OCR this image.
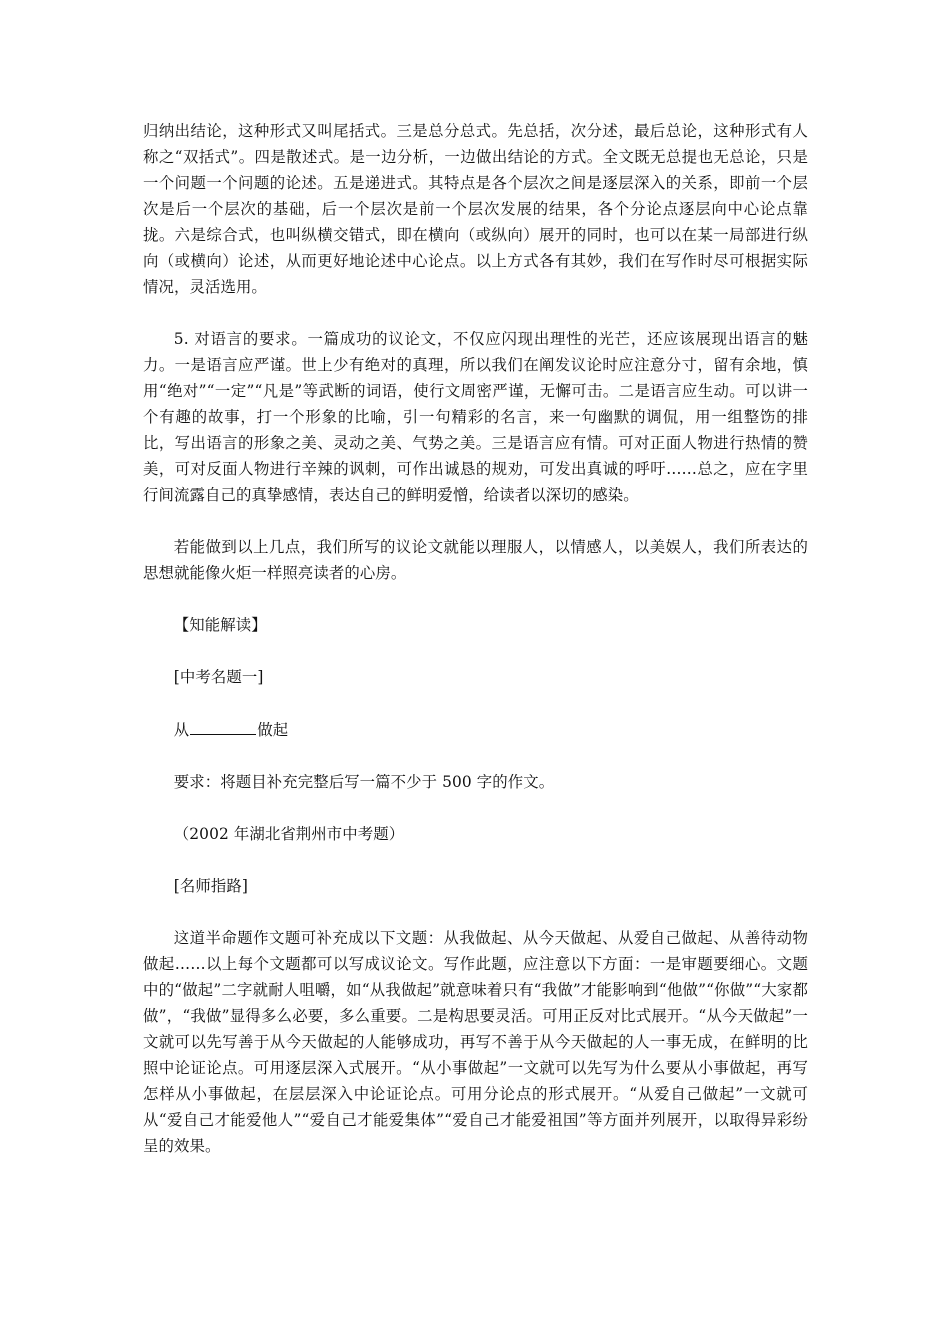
归纳出结论，这种形式又叫尾括式。三是总分总式。先总括，次分述，最后总论，这种形式有人称之“双括式”。四是散述式。是一边分析，一边做出结论的方式。全文既无总提也无总论，只是一个问题一个问题的论述。五是递进式。其特点是各个层次之间是逐层深入的关系，即前一个层次是后一个层次的基础，后一个层次是前一个层次发展的结果，各个分论点逐层向中心论点靠拢。六是综合式，也叫纵横交错式，即在横向（或纵向）展开的同时，也可以在某一局部进行纵向（或横向）论述，从而更好地论述中心论点。以上方式各有其妙，我们在写作时尽可根据实际情况，灵活选用。

5. 对语言的要求。一篇成功的议论文，不仅应闪现出理性的光芒，还应该展现出语言的魅力。一是语言应严谨。世上少有绝对的真理，所以我们在阐发议论时应注意分寸，留有余地，慎用“绝对”“一定”“凡是”等武断的词语，使行文周密严谨，无懈可击。二是语言应生动。可以讲一个有趣的故事，打一个形象的比喻，引一句精彩的名言，来一句幽默的调侃，用一组整饬的排比，写出语言的形象之美、灵动之美、气势之美。三是语言应有情。可对正面人物进行热情的赞美，可对反面人物进行辛辣的讽刺，可作出诚恳的规劝，可发出真诚的呼吁……总之，应在字里行间流露自己的真挚感情，表达自己的鲜明爱憎，给读者以深切的感染。

若能做到以上几点，我们所写的议论文就能以理服人，以情感人，以美娱人，我们所表达的思想就能像火炬一样照亮读者的心房。

【知能解读】

[中考名题一]

从	做起

要求：将题目补充完整后写一篇不少于 500 字的作文。

（2002 年湖北省荆州市中考题）

[名师指路]

这道半命题作文题可补充成以下文题：从我做起、从今天做起、从爱自己做起、从善待动物做起……以上每个文题都可以写成议论文。写作此题，应注意以下方面：一是审题要细心。文题中的“做起”二字就耐人咀嚼，如“从我做起”就意味着只有“我做”才能影响到“他做”“你做”“大家都做”，“我做”显得多么必要，多么重要。二是构思要灵活。可用正反对比式展开。“从今天做起”一文就可以先写善于从今天做起的人能够成功，再写不善于从今天做起的人一事无成，在鲜明的比照中论证论点。可用逐层深入式展开。“从小事做起”一文就可以先写为什么要从小事做起，再写怎样从小事做起，在层层深入中论证论点。可用分论点的形式展开。“从爱自己做起”一文就可从“爱自己才能爱他人”“爱自己才能爱集体”“爱自己才能爱祖国”等方面并列展开，以取得异彩纷呈的效果。
